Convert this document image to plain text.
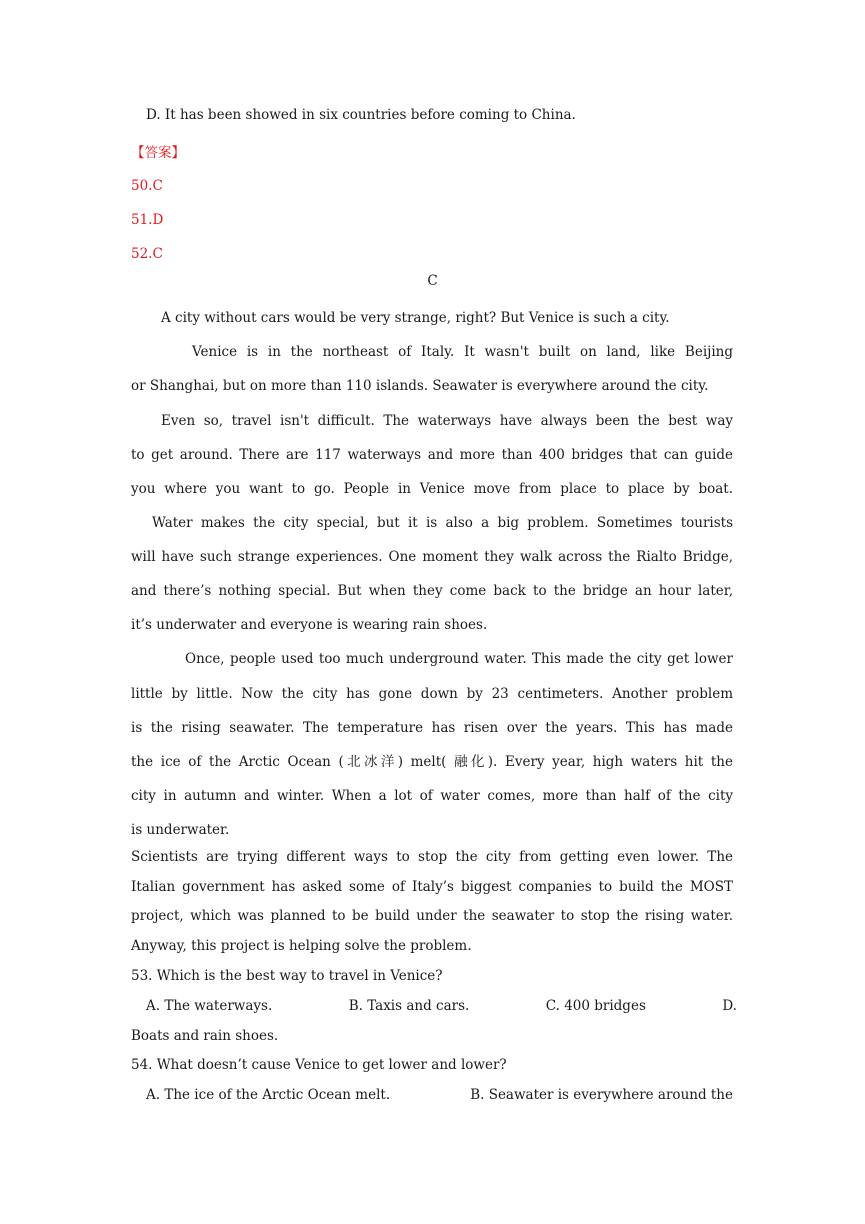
D. It has been showed in six countries before coming to China.
【答案】
50.C
51.D
52.C
C
A city without cars would be very strange, right? But Venice is such a city.
Venice is in the northeast of Italy. It wasn't built on land, like Beijing
or Shanghai, but on more than 110 islands. Seawater is everywhere around the city.
Even so, travel isn't difficult. The waterways have always been the best way
to get around. There are 117 waterways and more than 400 bridges that can guide
you where you want to go. People in Venice move from place to place by boat.
Water makes the city special, but it is also a big problem. Sometimes tourists
will have such strange experiences. One moment they walk across the Rialto Bridge,
and there’s nothing special. But when they come back to the bridge an hour later,
it’s underwater and everyone is wearing rain shoes.
Once, people used too much underground water. This made the city get lower
little by little. Now the city has gone down by 23 centimeters. Another problem
is the rising seawater. The temperature has risen over the years. This has made
the ice of the Arctic Ocean (北冰洋) melt( 融化). Every year, high waters hit the
city in autumn and winter. When a lot of water comes, more than half of the city
is underwater.
Scientists are trying different ways to stop the city from getting even lower. The
Italian government has asked some of Italy’s biggest companies to build the MOST
project, which was planned to be build under the seawater to stop the rising water.
Anyway, this project is helping solve the problem.
53. Which is the best way to travel in Venice?
A. The waterways.	B. Taxis and cars.	C. 400 bridges	D.
Boats and rain shoes.
54. What doesn’t cause Venice to get lower and lower?
A. The ice of the Arctic Ocean melt.	B. Seawater is everywhere around the
